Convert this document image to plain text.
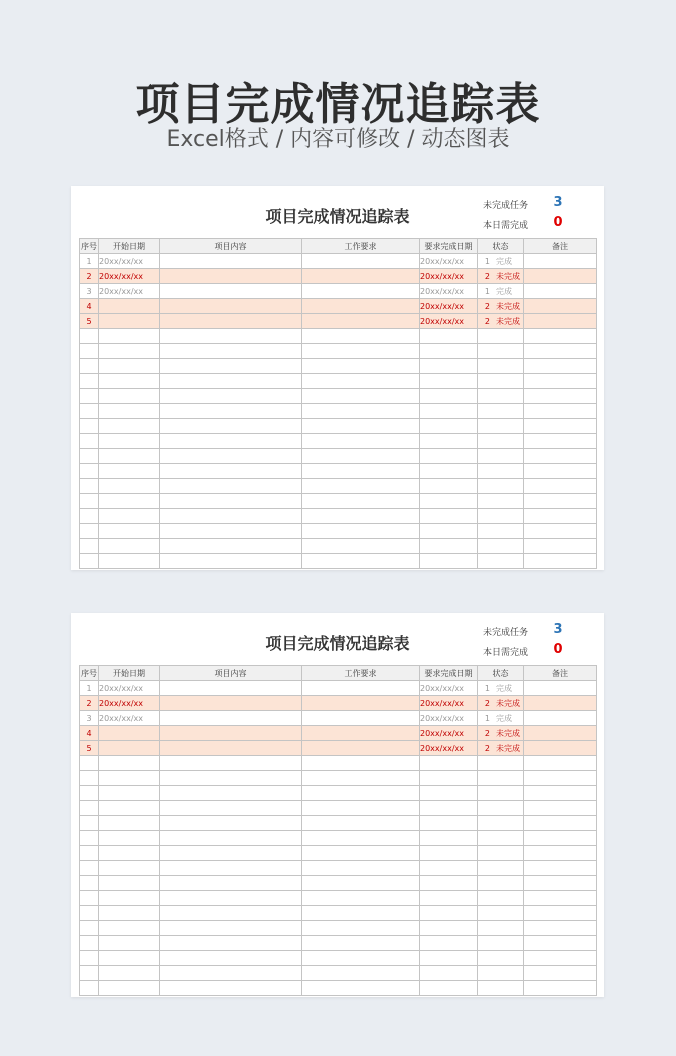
项目完成情况追踪表
Excel格式 / 内容可修改 / 动态图表
项目完成情况追踪表
未完成任务 3
本日需完成 0
序号	开始日期	项目内容	工作要求	要求完成日期	状态	备注
1	20xx/xx/xx			20xx/xx/xx	1 完成	
2	20xx/xx/xx			20xx/xx/xx	2 未完成	
3	20xx/xx/xx			20xx/xx/xx	1 完成	
4				20xx/xx/xx	2 未完成	
5				20xx/xx/xx	2 未完成	

项目完成情况追踪表
未完成任务 3
本日需完成 0
序号	开始日期	项目内容	工作要求	要求完成日期	状态	备注
1	20xx/xx/xx			20xx/xx/xx	1 完成	
2	20xx/xx/xx			20xx/xx/xx	2 未完成	
3	20xx/xx/xx			20xx/xx/xx	1 完成	
4				20xx/xx/xx	2 未完成	
5				20xx/xx/xx	2 未完成	
